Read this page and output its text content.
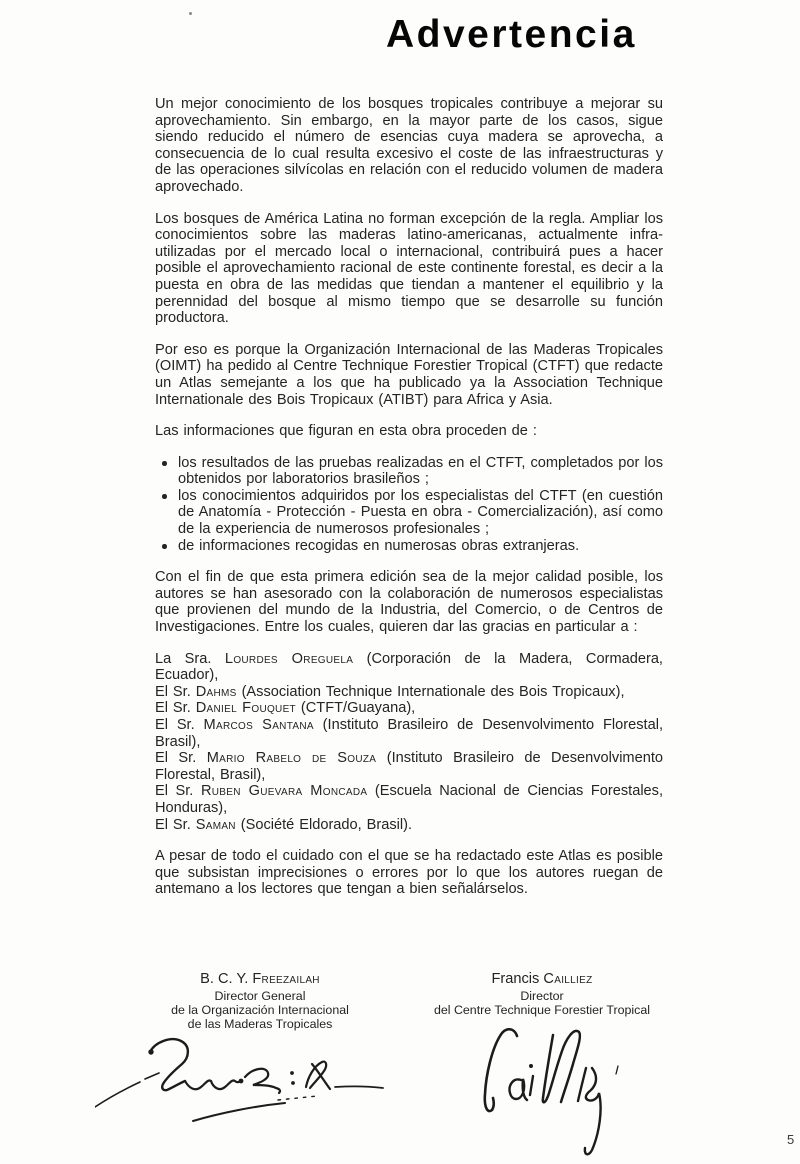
Advertencia

Un mejor conocimiento de los bosques tropicales contribuye a mejorar su aprovechamiento. Sin embargo, en la mayor parte de los casos, sigue siendo reducido el número de esencias cuya madera se aprovecha, a consecuencia de lo cual resulta excesivo el coste de las infraestructuras y de las operaciones silvícolas en relación con el reducido volumen de madera aprovechado.

Los bosques de América Latina no forman excepción de la regla. Ampliar los conocimientos sobre las maderas latino-americanas, actualmente infra-utilizadas por el mercado local o internacional, contribuirá pues a hacer posible el aprovechamiento racional de este continente forestal, es decir a la puesta en obra de las medidas que tiendan a mantener el equilibrio y la perennidad del bosque al mismo tiempo que se desarrolle su función productora.

Por eso es porque la Organización Internacional de las Maderas Tropicales (OIMT) ha pedido al Centre Technique Forestier Tropical (CTFT) que redacte un Atlas semejante a los que ha publicado ya la Association Technique Internationale des Bois Tropicaux (ATIBT) para Africa y Asia.

Las informaciones que figuran en esta obra proceden de :

los resultados de las pruebas realizadas en el CTFT, completados por los obtenidos por laboratorios brasileños ;
los conocimientos adquiridos por los especialistas del CTFT (en cuestión de Anatomía - Protección - Puesta en obra - Comercialización), así como de la experiencia de numerosos profesionales ;
de informaciones recogidas en numerosas obras extranjeras.

Con el fin de que esta primera edición sea de la mejor calidad posible, los autores se han asesorado con la colaboración de numerosos especialistas que provienen del mundo de la Industria, del Comercio, o de Centros de Investigaciones. Entre los cuales, quieren dar las gracias en particular a :

La Sra. Lourdes Oreguela (Corporación de la Madera, Cormadera, Ecuador),

El Sr. Dahms (Association Technique Internationale des Bois Tropicaux),

El Sr. Daniel Fouquet (CTFT/Guayana),

El Sr. Marcos Santana (Instituto Brasileiro de Desenvolvimento Florestal, Brasil),

El Sr. Mario Rabelo de Souza (Instituto Brasileiro de Desenvolvimento Florestal, Brasil),

El Sr. Ruben Guevara Moncada (Escuela Nacional de Ciencias Forestales, Honduras),

El Sr. Saman (Société Eldorado, Brasil).

A pesar de todo el cuidado con el que se ha redactado este Atlas es posible que subsistan imprecisiones o errores por lo que los autores ruegan de antemano a los lectores que tengan a bien señalárselos.

B. C. Y. Freezailah
Director General
de la Organización Internacional
de las Maderas Tropicales
Francis Cailliez
Director
del Centre Technique Forestier Tropical
5
